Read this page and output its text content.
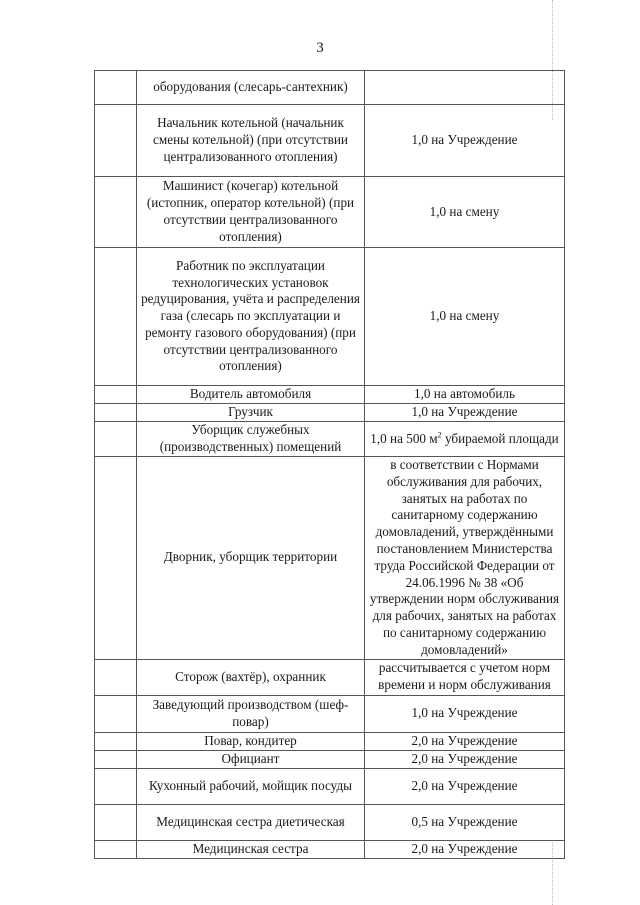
3
	оборудования (слесарь-сантехник)	
	Начальник котельной (начальник смены котельной) (при отсутствии централизованного отопления)	1,0 на Учреждение
	Машинист (кочегар) котельной (истопник, оператор котельной) (при отсутствии централизованного отопления)	1,0 на смену
	Работник по эксплуатации технологических установок редуцирования, учёта и распределения газа (слесарь по эксплуатации и ремонту газового оборудования) (при отсутствии централизованного отопления)	1,0 на смену
	Водитель автомобиля	1,0 на автомобиль
	Грузчик	1,0 на Учреждение
	Уборщик служебных (производственных) помещений	1,0 на 500 $м^2$ убираемой площади
	Дворник, уборщик территории	в соответствии с Нормами обслуживания для рабочих, занятых на работах по санитарному содержанию домовладений, утверждёнными постановлением Министерства труда Российской Федерации от 24.06.1996 № 38 «Об утверждении норм обслуживания для рабочих, занятых на работах по санитарному содержанию домовладений»
	Сторож (вахтёр), охранник	рассчитывается с учетом норм времени и норм обслуживания
	Заведующий производством (шеф-повар)	1,0 на Учреждение
	Повар, кондитер	2,0 на Учреждение
	Официант	2,0 на Учреждение
	Кухонный рабочий, мойщик посуды	2,0 на Учреждение
	Медицинская сестра диетическая	0,5 на Учреждение
	Медицинская сестра	2,0 на Учреждение
